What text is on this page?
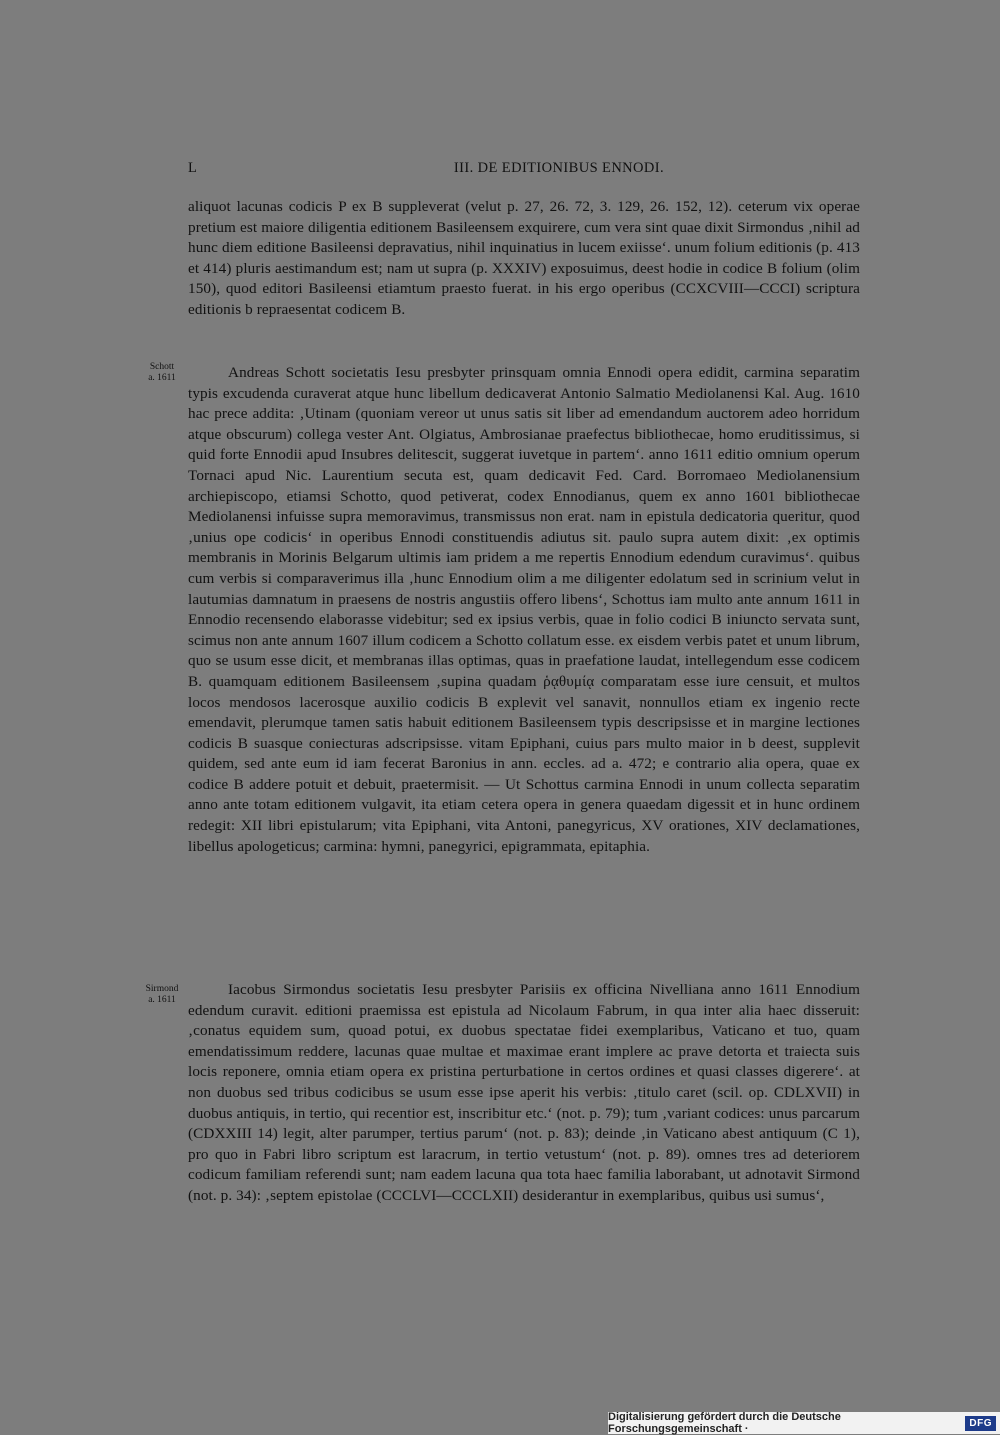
L	III. DE EDITIONIBUS ENNODI.

aliquot lacunas codicis P ex B suppleverat (velut p. 27, 26. 72, 3. 129, 26. 152, 12). ceterum vix operae pretium est maiore diligentia editionem Basileensem exquirere, cum vera sint quae dixit Sirmondus ‚nihil ad hunc diem editione Basileensi depravatius, nihil inquinatius in lucem exiisse‘. unum folium editionis (p. 413 et 414) pluris aestimandum est; nam ut supra (p. XXXIV) exposuimus, deest hodie in codice B folium (olim 150), quod editori Basileensi etiamtum praesto fuerat. in his ergo operibus (CCXCVIII—CCCI) scriptura editionis b repraesentat codicem B.

Schott
a. 1611	Andreas Schott societatis Iesu presbyter prinsquam omnia Ennodi opera edidit, carmina separatim typis excudenda curaverat atque hunc libellum dedicaverat Antonio Salmatio Mediolanensi Kal. Aug. 1610 hac prece addita: ‚Utinam (quoniam vereor ut unus satis sit liber ad emendandum auctorem adeo horridum atque obscurum) collega vester Ant. Olgiatus, Ambrosianae praefectus bibliothecae, homo eruditissimus, si quid forte Ennodii apud Insubres delitescit, suggerat iuvetque in partem‘. anno 1611 editio omnium operum Tornaci apud Nic. Laurentium secuta est, quam dedicavit Fed. Card. Borromaeo Mediolanensium archiepiscopo, etiamsi Schotto, quod petiverat, codex Ennodianus, quem ex anno 1601 bibliothecae Mediolanensi infuisse supra memoravimus, transmissus non erat. nam in epistula dedicatoria queritur, quod ‚unius ope codicis‘ in operibus Ennodi constituendis adiutus sit. paulo supra autem dixit: ‚ex optimis membranis in Morinis Belgarum ultimis iam pridem a me repertis Ennodium edendum curavimus‘. quibus cum verbis si comparaverimus illa ‚hunc Ennodium olim a me diligenter edolatum sed in scrinium velut in lautumias damnatum in praesens de nostris angustiis offero libens‘, Schottus iam multo ante annum 1611 in Ennodio recensendo elaborasse videbitur; sed ex ipsius verbis, quae in folio codici B iniuncto servata sunt, scimus non ante annum 1607 illum codicem a Schotto collatum esse. ex eisdem verbis patet et unum librum, quo se usum esse dicit, et membranas illas optimas, quas in praefatione laudat, intellegendum esse codicem B. quamquam editionem Basileensem ‚supina quadam ῥᾳθυμίᾳ comparatam esse iure censuit, et multos locos mendosos lacerosque auxilio codicis B explevit vel sanavit, nonnullos etiam ex ingenio recte emendavit, plerumque tamen satis habuit editionem Basileensem typis descripsisse et in margine lectiones codicis B suasque coniecturas adscripsisse. vitam Epiphani, cuius pars multo maior in b deest, supplevit quidem, sed ante eum id iam fecerat Baronius in ann. eccles. ad a. 472; e contrario alia opera, quae ex codice B addere potuit et debuit, praetermisit. — Ut Schottus carmina Ennodi in unum collecta separatim anno ante totam editionem vulgavit, ita etiam cetera opera in genera quaedam digessit et in hunc ordinem redegit: XII libri epistularum; vita Epiphani, vita Antoni, panegyricus, XV orationes, XIV declamationes, libellus apologeticus; carmina: hymni, panegyrici, epigrammata, epitaphia.

Sirmond
a. 1611

Iacobus Sirmondus societatis Iesu presbyter Parisiis ex officina Nivelliana anno 1611 Ennodium edendum curavit. editioni praemissa est epistula ad Nicolaum Fabrum, in qua inter alia haec disseruit: ‚conatus equidem sum, quoad potui, ex duobus spectatae fidei exemplaribus, Vaticano et tuo, quam emendatissimum reddere, lacunas quae multae et maximae erant implere ac prave detorta et traiecta suis locis reponere, omnia etiam opera ex pristina perturbatione in certos ordines et quasi classes digerere‘. at non duobus sed tribus codicibus se usum esse ipse aperit his verbis: ‚titulo caret (scil. op. CDLXVII) in duobus antiquis, in tertio, qui recentior est, inscribitur etc.‘ (not. p. 79); tum ‚variant codices: unus parcarum (CDXXIII 14) legit, alter parumper, tertius parum‘ (not. p. 83); deinde ‚in Vaticano abest antiquum (C 1), pro quo in Fabri libro scriptum est laracrum, in tertio vetustum‘ (not. p. 89). omnes tres ad deteriorem codicum familiam referendi sunt; nam eadem lacuna qua tota haec familia laborabant, ut adnotavit Sirmond (not. p. 34): ‚septem epistolae (CCCLVI—CCCLXII) desiderantur in exemplaribus, quibus usi sumus‘,

Digitalisierung gefördert durch die Deutsche Forschungsgemeinschaft ·	DFG
